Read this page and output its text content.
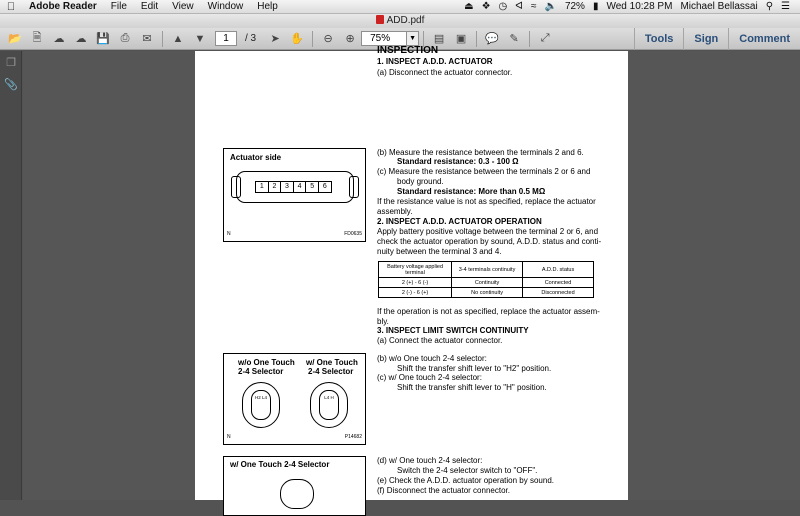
Adobe Reader	File	Edit	View	Window	Help	⏏ ❖ ◷ ᐊ ≈ 🔈 72% ▮ Wed 10:28 PM Michael Bellassai ⚲ ☰
ADD.pdf
📂 🗎	☁	☁ 💾 ⎙	✉	▲	▼	1	/ 3	➤ ✋	⊖	⊕	75%	▼	▤	▣	💬 ✎	⤢	Tools	Sign	Comment
❐
📎
INSPECTION
1. INSPECT A.D.D. ACTUATOR
(a) Disconnect the actuator connector.
Actuator side
1	2	3	4	5	6
N	FD0635
(b) Measure the resistance between the terminals 2 and 6.
Standard resistance: 0.3 - 100 Ω
(c) Measure the resistance between the terminals 2 or 6 and
body ground.
Standard resistance: More than 0.5 MΩ
If the resistance value is not as specified, replace the actuator
assembly.
2. INSPECT A.D.D. ACTUATOR OPERATION
Apply battery positive voltage between the terminal 2 or 6, and
check the actuator operation by sound, A.D.D. status and conti-
nuity between the terminal 3 and 4.
Battery voltage applied terminal	3-4 terminals continuity	A.D.D. status
2 (+) - 6 (-)	Continuity	Connected
2 (-) - 6 (+)	No continuity	Disconnected
If the operation is not as specified, replace the actuator assem-
bly.
3. INSPECT LIMIT SWITCH CONTINUITY
(a) Connect the actuator connector.
w/o One Touch
2-4 Selector
w/ One Touch
2-4 Selector
H2 L4	L4 H
N	P14682
(b) w/o One touch 2-4 selector:
Shift the transfer shift lever to "H2" position.
(c) w/ One touch 2-4 selector:
Shift the transfer shift lever to "H" position.
w/ One Touch 2-4 Selector	(d) w/ One touch 2-4 selector:
Switch the 2-4 selector switch to "OFF".
(e) Check the A.D.D. actuator operation by sound.
(f) Disconnect the actuator connector.
